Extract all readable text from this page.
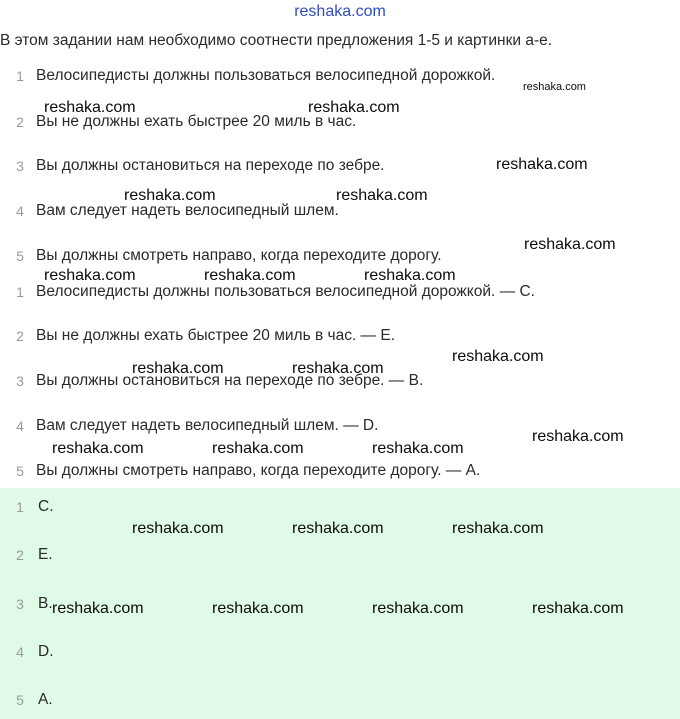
reshaka.com
В этом задании нам необходимо соотнести предложения 1-5 и картинки a-e.
1 Велосипедисты должны пользоваться велосипедной дорожкой.
2 Вы не должны ехать быстрее 20 миль в час.
3 Вы должны остановиться на переходе по зебре.
4 Вам следует надеть велосипедный шлем.
5 Вы должны смотреть направо, когда переходите дорогу.
1 Велосипедисты должны пользоваться велосипедной дорожкой. — C.
2 Вы не должны ехать быстрее 20 миль в час. — E.
3 Вы должны остановиться на переходе по зебре. — B.
4 Вам следует надеть велосипедный шлем. — D.
5 Вы должны смотреть направо, когда переходите дорогу. — A.
1 C.
2 E.
3 B.
4 D.
5 A.
reshaka.com
reshaka.com	reshaka.com
reshaka.com
reshaka.com	reshaka.com
reshaka.com
reshaka.com	reshaka.com	reshaka.com
reshaka.com
reshaka.com	reshaka.com
reshaka.com
reshaka.com	reshaka.com	reshaka.com
reshaka.com	reshaka.com	reshaka.com
reshaka.com	reshaka.com	reshaka.com	reshaka.com
